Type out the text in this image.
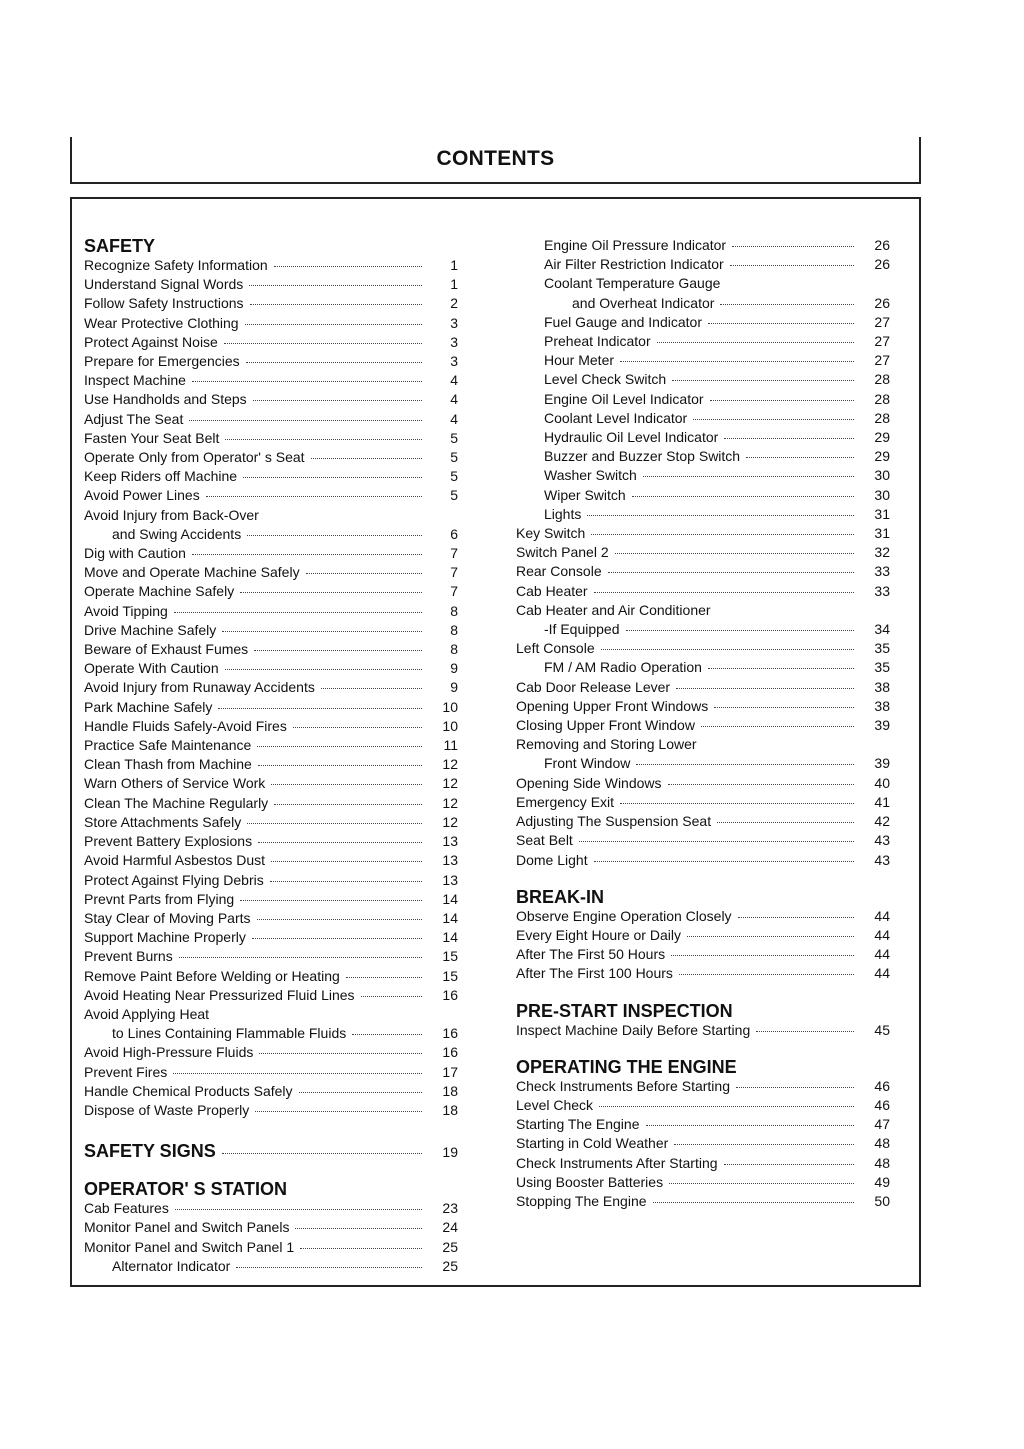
CONTENTS
SAFETY
Recognize Safety Information	1
Understand Signal Words	1
Follow Safety Instructions	2
Wear Protective Clothing	3
Protect Against Noise	3
Prepare for Emergencies	3
Inspect Machine	4
Use Handholds and Steps	4
Adjust The Seat	4
Fasten Your Seat Belt	5
Operate Only from Operator' s Seat	5
Keep Riders off Machine	5
Avoid Power Lines	5
Avoid Injury from Back-Over
and Swing Accidents	6
Dig with Caution	7
Move and Operate Machine Safely	7
Operate Machine Safely	7
Avoid Tipping	8
Drive Machine Safely	8
Beware of Exhaust Fumes	8
Operate With Caution	9
Avoid Injury from Runaway Accidents	9
Park Machine Safely	10
Handle Fluids Safely-Avoid Fires	10
Practice Safe Maintenance	11
Clean Thash from Machine	12
Warn Others of Service Work	12
Clean The Machine Regularly	12
Store Attachments Safely	12
Prevent Battery Explosions	13
Avoid Harmful Asbestos Dust	13
Protect Against Flying Debris	13
Prevnt Parts from Flying	14
Stay Clear of Moving Parts	14
Support Machine Properly	14
Prevent Burns	15
Remove Paint Before Welding or Heating	15
Avoid Heating Near Pressurized Fluid Lines	16
Avoid Applying Heat
to Lines Containing Flammable Fluids	16
Avoid High-Pressure Fluids	16
Prevent Fires	17
Handle Chemical Products Safely	18
Dispose of Waste Properly	18
SAFETY SIGNS	19
OPERATOR' S STATION
Cab Features	23
Monitor Panel and Switch Panels	24
Monitor Panel and Switch Panel 1	25
Alternator Indicator	25
Engine Oil Pressure Indicator	26
Air Filter Restriction Indicator	26
Coolant Temperature Gauge
and Overheat Indicator	26
Fuel Gauge and Indicator	27
Preheat Indicator	27
Hour Meter	27
Level Check Switch	28
Engine Oil Level Indicator	28
Coolant Level Indicator	28
Hydraulic Oil Level Indicator	29
Buzzer and Buzzer Stop Switch	29
Washer Switch	30
Wiper Switch	30
Lights	31
Key Switch	31
Switch Panel 2	32
Rear Console	33
Cab Heater	33
Cab Heater and Air Conditioner
-If Equipped	34
Left Console	35
FM / AM Radio Operation	35
Cab Door Release Lever	38
Opening Upper Front Windows	38
Closing Upper Front Window	39
Removing and Storing Lower
Front Window	39
Opening Side Windows	40
Emergency Exit	41
Adjusting The Suspension Seat	42
Seat Belt	43
Dome Light	43
BREAK-IN
Observe Engine Operation Closely	44
Every Eight Houre or Daily	44
After The First 50 Hours	44
After The First 100 Hours	44
PRE-START INSPECTION
Inspect Machine Daily Before Starting	45
OPERATING THE ENGINE
Check Instruments Before Starting	46
Level Check	46
Starting The Engine	47
Starting in Cold Weather	48
Check Instruments After Starting	48
Using Booster Batteries	49
Stopping The Engine	50
